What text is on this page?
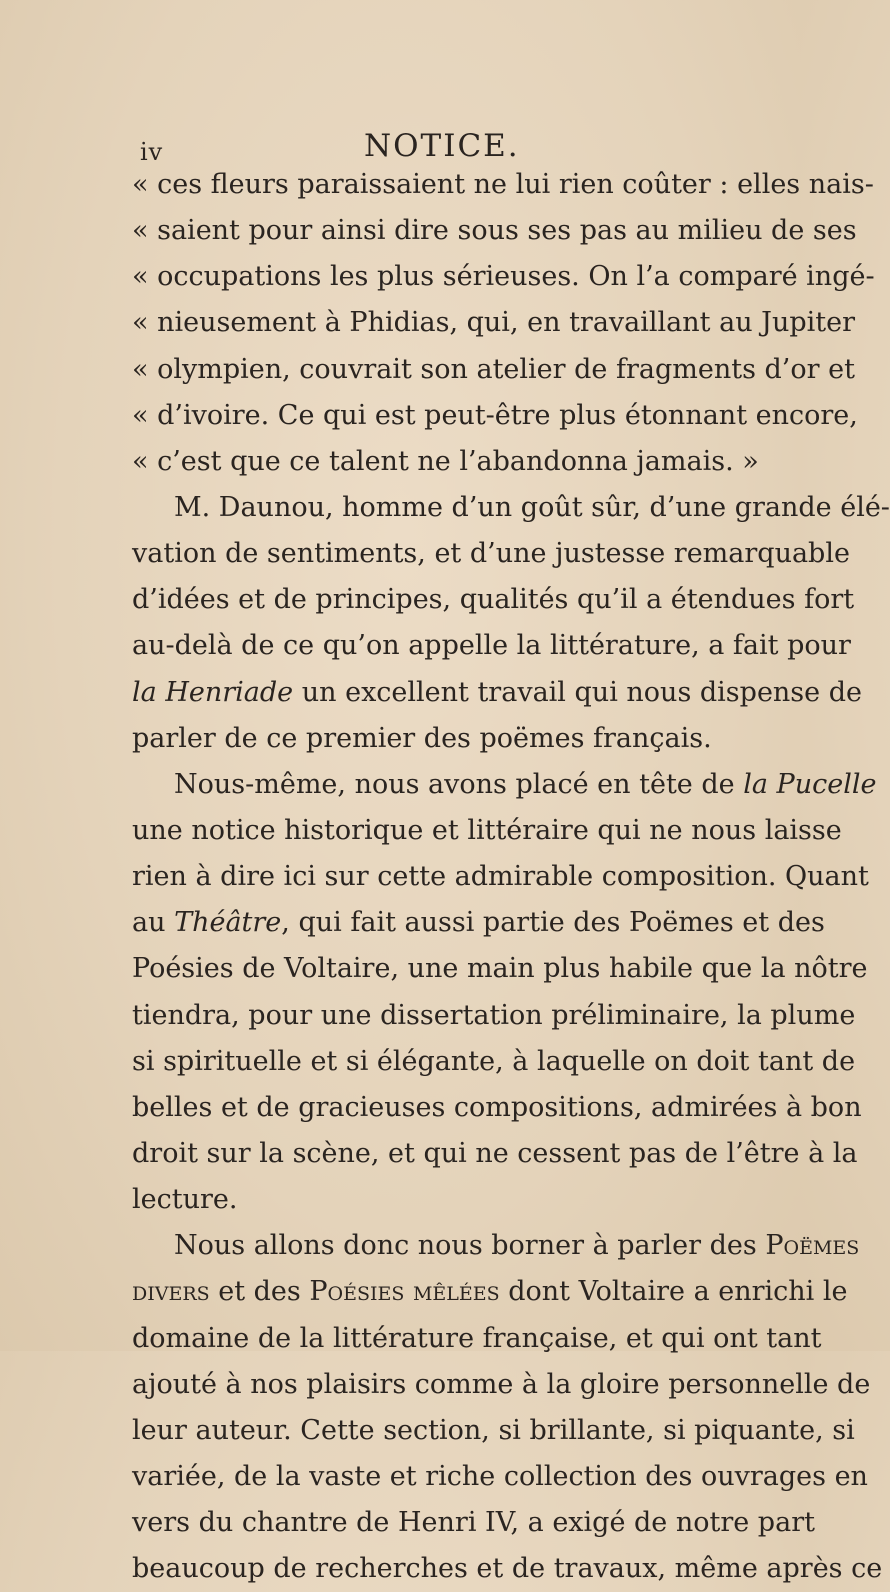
iv	NOTICE.
« ces fleurs paraissaient ne lui rien coûter : elles nais-
« saient pour ainsi dire sous ses pas au milieu de ses
« occupations les plus sérieuses. On l’a comparé ingé-
« nieusement à Phidias, qui, en travaillant au Jupiter
« olympien, couvrait son atelier de fragments d’or et
« d’ivoire. Ce qui est peut-être plus étonnant encore,
« c’est que ce talent ne l’abandonna jamais. »
M. Daunou, homme d’un goût sûr, d’une grande élé-
vation de sentiments, et d’une justesse remarquable
d’idées et de principes, qualités qu’il a étendues fort
au-delà de ce qu’on appelle la littérature, a fait pour
la Henriade un excellent travail qui nous dispense de
parler de ce premier des poëmes français.
Nous-même, nous avons placé en tête de la Pucelle
une notice historique et littéraire qui ne nous laisse
rien à dire ici sur cette admirable composition. Quant
au Théâtre, qui fait aussi partie des Poëmes et des
Poésies de Voltaire, une main plus habile que la nôtre
tiendra, pour une dissertation préliminaire, la plume
si spirituelle et si élégante, à laquelle on doit tant de
belles et de gracieuses compositions, admirées à bon
droit sur la scène, et qui ne cessent pas de l’être à la
lecture.
Nous allons donc nous borner à parler des Poëmes
divers et des Poésies mêlées dont Voltaire a enrichi le
domaine de la littérature française, et qui ont tant
ajouté à nos plaisirs comme à la gloire personnelle de
leur auteur. Cette section, si brillante, si piquante, si
variée, de la vaste et riche collection des ouvrages en
vers du chantre de Henri IV, a exigé de notre part
beaucoup de recherches et de travaux, même après ce
